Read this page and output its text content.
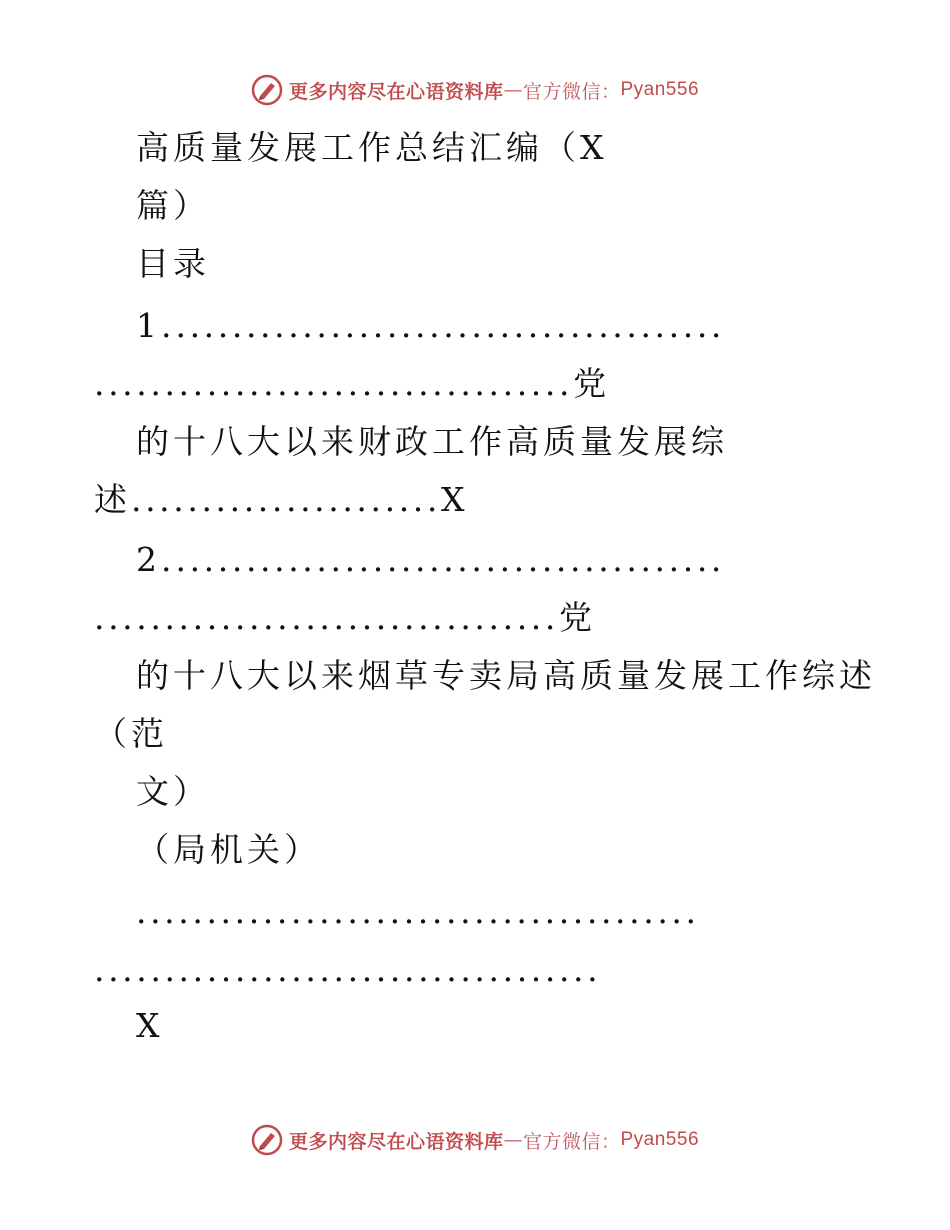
更多内容尽在心语资料库 — 官方微信： Pyan556
高质量发展工作总结汇编（X
篇）
目录
1........................................
..................................党
的十八大以来财政工作高质量发展综
述......................X
2........................................
.................................党
的十八大以来烟草专卖局高质量发展工作综述
（范
文）
（局机关）
........................................
....................................
X
更多内容尽在心语资料库 — 官方微信： Pyan556
